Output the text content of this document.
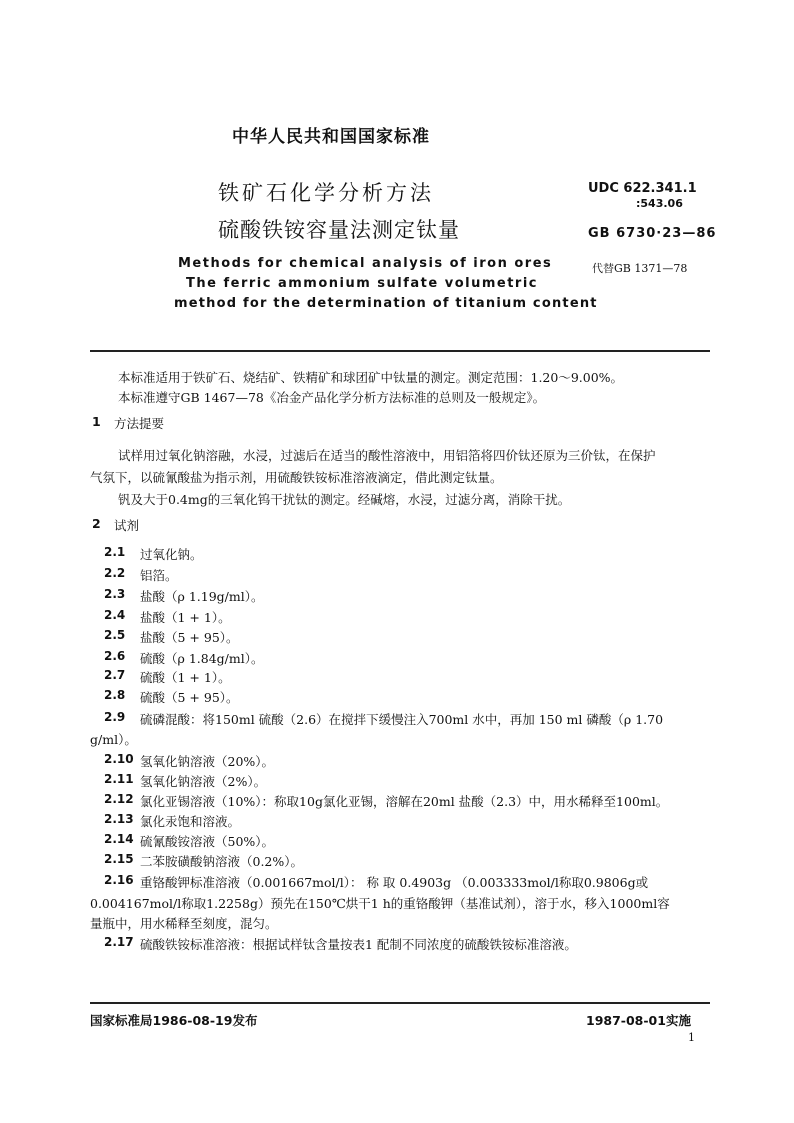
中华人民共和国国家标准
铁矿石化学分析方法
硫酸铁铵容量法测定钛量
UDC 622.341.1
:543.06
GB 6730·23—86
代替GB 1371—78
Methods for chemical analysis of iron ores
The ferric ammonium sulfate volumetric
method for the determination of titanium content
本标准适用于铁矿石、烧结矿、铁精矿和球团矿中钛量的测定。测定范围：1.20～9.00%。
本标准遵守GB 1467—78《冶金产品化学分析方法标准的总则及一般规定》。
1 方法提要
试样用过氧化钠溶融，水浸，过滤后在适当的酸性溶液中，用铝箔将四价钛还原为三价钛，在保护
气氛下，以硫氰酸盐为指示剂，用硫酸铁铵标准溶液滴定，借此测定钛量。
钒及大于0.4mg的三氧化钨干扰钛的测定。经碱熔，水浸，过滤分离，消除干扰。
2 试剂
2.1 过氧化钠。
2.2 铝箔。
2.3 盐酸（ρ 1.19g/ml）。
2.4 盐酸（1 + 1）。
2.5 盐酸（5 + 95）。
2.6 硫酸（ρ 1.84g/ml）。
2.7 硫酸（1 + 1）。
2.8 硫酸（5 + 95）。
2.9 硫磷混酸：将150ml 硫酸（2.6）在搅拌下缓慢注入700ml 水中，再加 150 ml 磷酸（ρ 1.70
g/ml）。
2.10 氢氧化钠溶液（20%）。
2.11 氢氧化钠溶液（2%）。
2.12 氯化亚锡溶液（10%）：称取10g氯化亚锡，溶解在20ml 盐酸（2.3）中，用水稀释至100ml。
2.13 氯化汞饱和溶液。
2.14 硫氰酸铵溶液（50%）。
2.15 二苯胺磺酸钠溶液（0.2%）。
2.16 重铬酸钾标准溶液（0.001667mol/l）： 称 取 0.4903g （0.003333mol/l称取0.9806g或
0.004167mol/l称取1.2258g）预先在150℃烘干1 h的重铬酸钾（基准试剂），溶于水，移入1000ml容
量瓶中，用水稀释至刻度，混匀。
2.17 硫酸铁铵标准溶液：根据试样钛含量按表1 配制不同浓度的硫酸铁铵标准溶液。
国家标准局1986-08-19发布	1987-08-01实施
1
